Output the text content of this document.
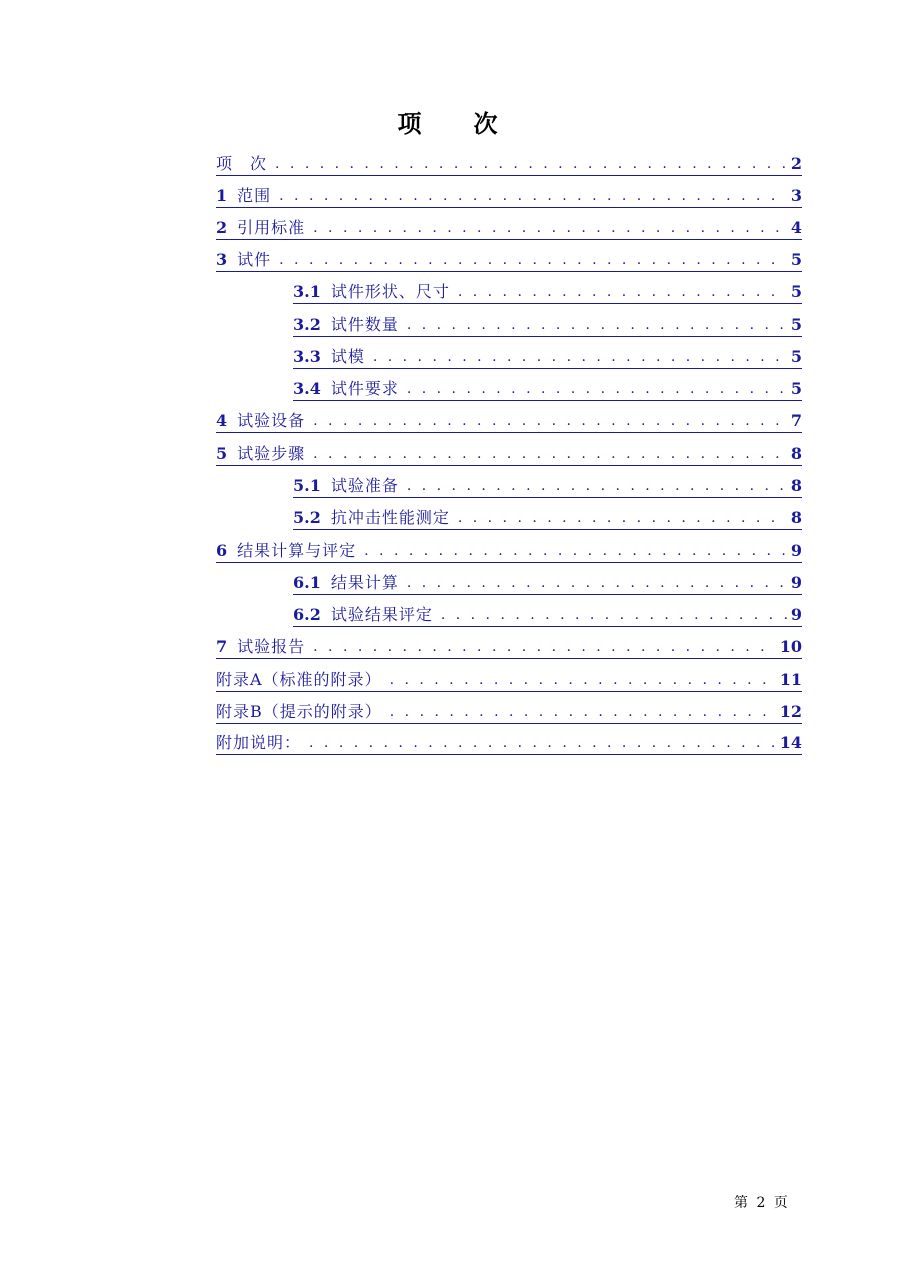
项　次
项　次 . . .	2
1 范围 . . .	3
2 引用标准 . . .	4
3 试件 . . .	5
3.1 试件形状、尺寸 . . .	5
3.2 试件数量 . . .	5
3.3 试模 . . .	5
3.4 试件要求 . . .	5
4 试验设备 . . .	7
5 试验步骤 . . .	8
5.1 试验准备 . . .	8
5.2 抗冲击性能测定 . . .	8
6 结果计算与评定 . . .	9
6.1 结果计算 . . .	9
6.2 试验结果评定 . . .	9
7 试验报告 . . .	10
附录A（标准的附录） . . .	11
附录B（提示的附录） . . .	12
附加说明： . . .	14
第 2 页
